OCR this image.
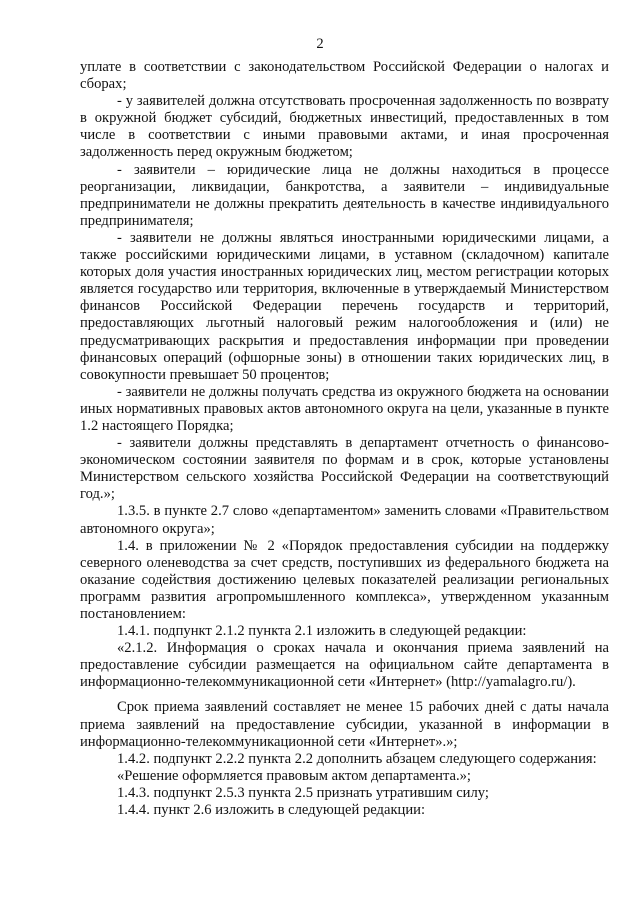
2

уплате в соответствии с законодательством Российской Федерации о налогах и сборах;

- у заявителей должна отсутствовать просроченная задолженность по возврату в окружной бюджет субсидий, бюджетных инвестиций, предоставленных в том числе в соответствии с иными правовыми актами, и иная просроченная задолженность перед окружным бюджетом;

- заявители – юридические лица не должны находиться в процессе реорганизации, ликвидации, банкротства, а заявители – индивидуальные предприниматели не должны прекратить деятельность в качестве индивидуального предпринимателя;

- заявители не должны являться иностранными юридическими лицами, а также российскими юридическими лицами, в уставном (складочном) капитале которых доля участия иностранных юридических лиц, местом регистрации которых является государство или территория, включенные в утверждаемый Министерством финансов Российской Федерации перечень государств и территорий, предоставляющих льготный налоговый режим налогообложения и (или) не предусматривающих раскрытия и предоставления информации при проведении финансовых операций (офшорные зоны) в отношении таких юридических лиц, в совокупности превышает 50 процентов;

- заявители не должны получать средства из окружного бюджета на основании иных нормативных правовых актов автономного округа на цели, указанные в пункте 1.2 настоящего Порядка;

- заявители должны представлять в департамент отчетность о финансово-экономическом состоянии заявителя по формам и в срок, которые установлены Министерством сельского хозяйства Российской Федерации на соответствующий год.»;

1.3.5. в пункте 2.7 слово «департаментом» заменить словами «Правительством автономного округа»;

1.4. в приложении № 2 «Порядок предоставления субсидии на поддержку северного оленеводства за счет средств, поступивших из федерального бюджета на оказание содействия достижению целевых показателей реализации региональных программ развития агропромышленного комплекса», утвержденном указанным постановлением:

1.4.1. подпункт 2.1.2 пункта 2.1 изложить в следующей редакции:

«2.1.2. Информация о сроках начала и окончания приема заявлений на предоставление субсидии размещается на официальном сайте департамента в информационно-телекоммуникационной сети «Интернет» (http://yamalagro.ru/).

Срок приема заявлений составляет не менее 15 рабочих дней с даты начала приема заявлений на предоставление субсидии, указанной в информации в информационно-телекоммуникационной сети «Интернет».»;

1.4.2. подпункт 2.2.2 пункта 2.2 дополнить абзацем следующего содержания:

«Решение оформляется правовым актом департамента.»;

1.4.3. подпункт 2.5.3 пункта 2.5 признать утратившим силу;

1.4.4. пункт 2.6 изложить в следующей редакции:
